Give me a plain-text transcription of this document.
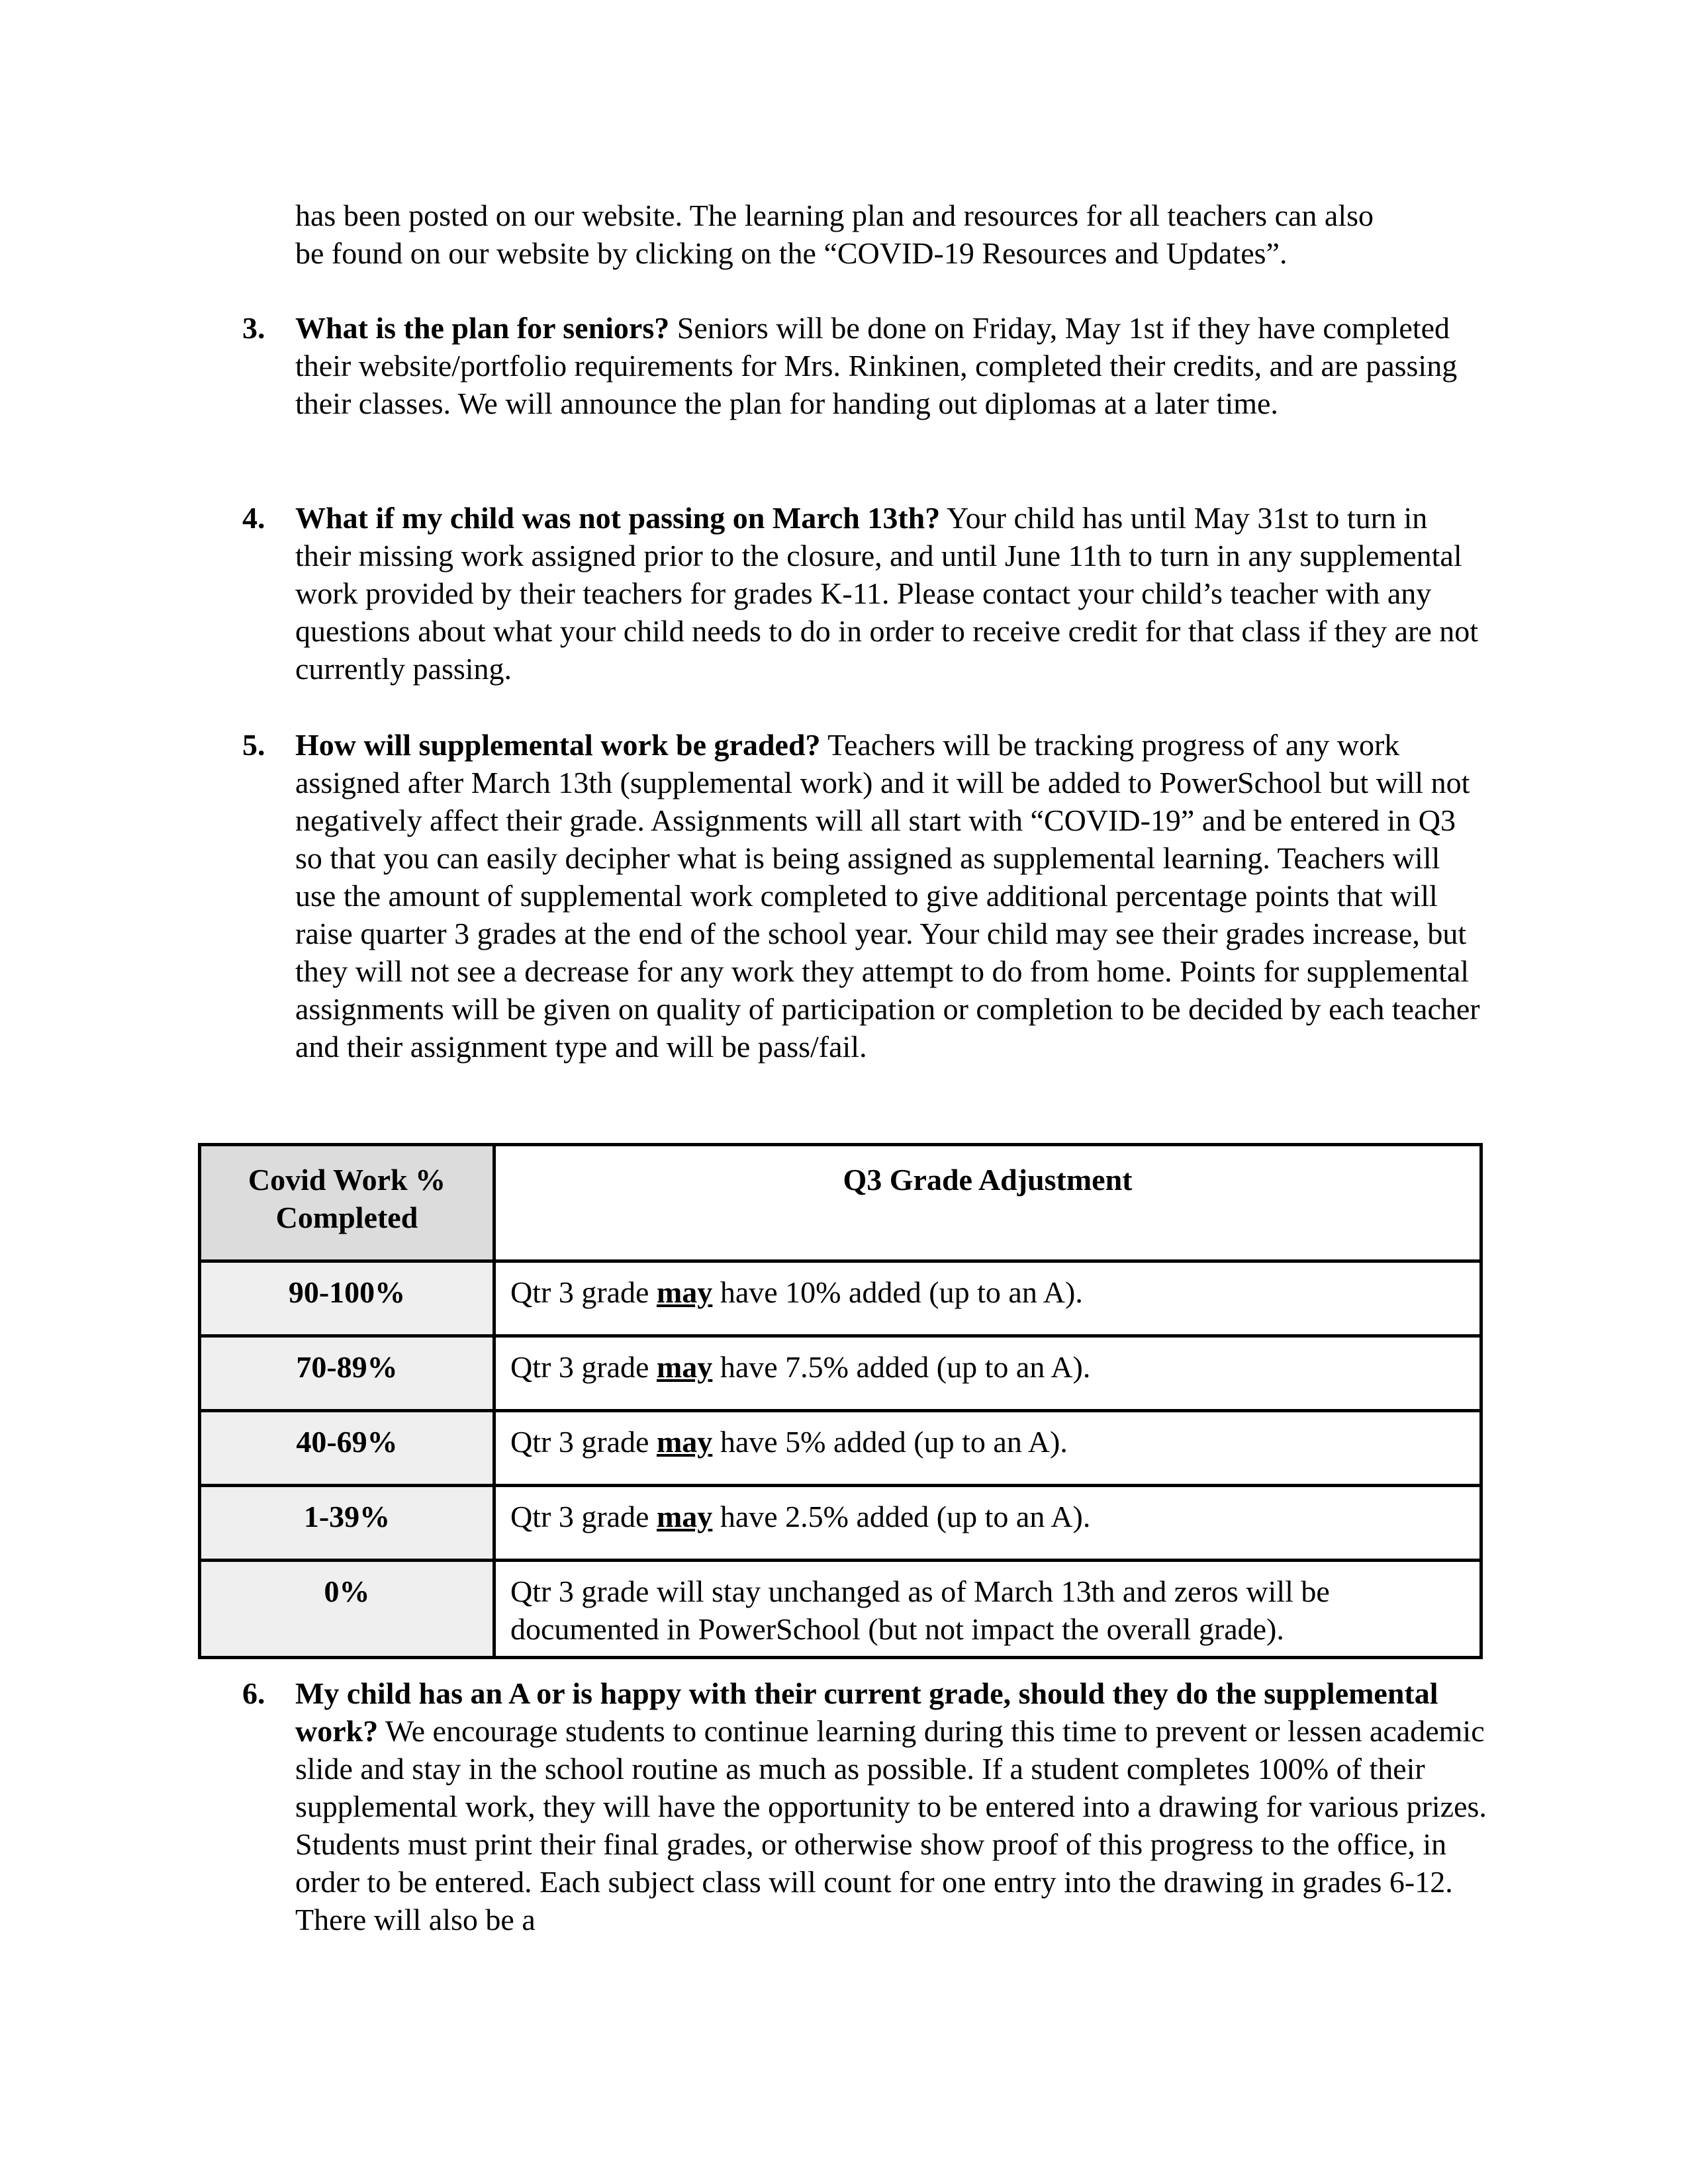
has been posted on our website. The learning plan and resources for all teachers can also
be found on our website by clicking on the “COVID-19 Resources and Updates”.
3. What is the plan for seniors? Seniors will be done on Friday, May 1st if they have completed their website/portfolio requirements for Mrs. Rinkinen, completed their credits, and are passing their classes. We will announce the plan for handing out diplomas at a later time.
4. What if my child was not passing on March 13th? Your child has until May 31st to turn in their missing work assigned prior to the closure, and until June 11th to turn in any supplemental work provided by their teachers for grades K-11. Please contact your child’s teacher with any questions about what your child needs to do in order to receive credit for that class if they are not currently passing.
5. How will supplemental work be graded? Teachers will be tracking progress of any work assigned after March 13th (supplemental work) and it will be added to PowerSchool but will not negatively affect their grade. Assignments will all start with “COVID-19” and be entered in Q3 so that you can easily decipher what is being assigned as supplemental learning. Teachers will use the amount of supplemental work completed to give additional percentage points that will raise quarter 3 grades at the end of the school year. Your child may see their grades increase, but they will not see a decrease for any work they attempt to do from home. Points for supplemental assignments will be given on quality of participation or completion to be decided by each teacher and their assignment type and will be pass/fail.
Covid Work % Completed	Q3 Grade Adjustment
90-100%	Qtr 3 grade may have 10% added (up to an A).
70-89%	Qtr 3 grade may have 7.5% added (up to an A).
40-69%	Qtr 3 grade may have 5% added (up to an A).
1-39%	Qtr 3 grade may have 2.5% added (up to an A).
0%	Qtr 3 grade will stay unchanged as of March 13th and zeros will be documented in PowerSchool (but not impact the overall grade).
6. My child has an A or is happy with their current grade, should they do the supplemental work? We encourage students to continue learning during this time to prevent or lessen academic slide and stay in the school routine as much as possible. If a student completes 100% of their supplemental work, they will have the opportunity to be entered into a drawing for various prizes. Students must print their final grades, or otherwise show proof of this progress to the office, in order to be entered. Each subject class will count for one entry into the drawing in grades 6-12. There will also be a
